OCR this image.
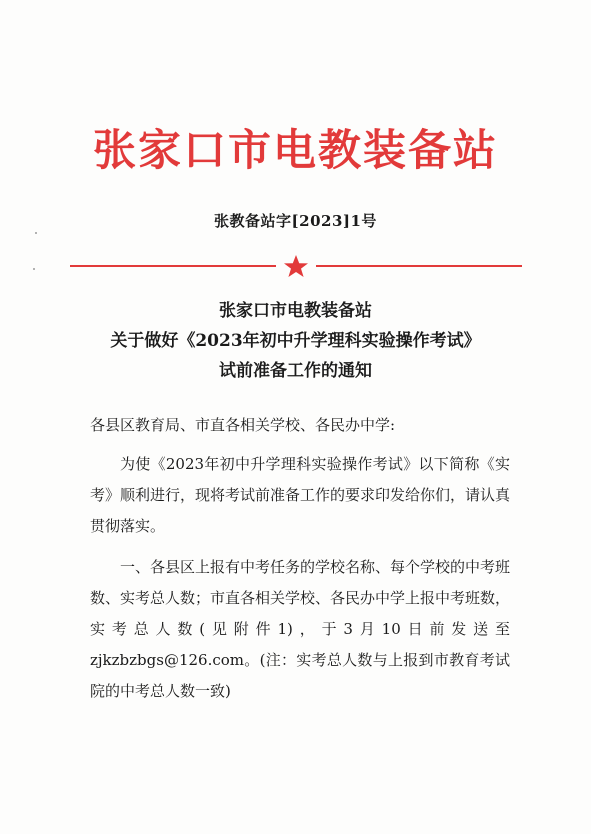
张家口市电教装备站
张教备站字[2023]1号
张家口市电教装备站
关于做好《2023年初中升学理科实验操作考试》
试前准备工作的通知

各县区教育局、市直各相关学校、各民办中学:

为使《2023年初中升学理科实验操作考试》以下简称《实考》顺利进行，现将考试前准备工作的要求印发给你们，请认真贯彻落实。

一、各县区上报有中考任务的学校名称、每个学校的中考班数、实考总人数；市直各相关学校、各民办中学上报中考班数，实考总人数(见附件1)，于3月10日前发送至zjkzbzbgs@126.com。(注：实考总人数与上报到市教育考试院的中考总人数一致)
